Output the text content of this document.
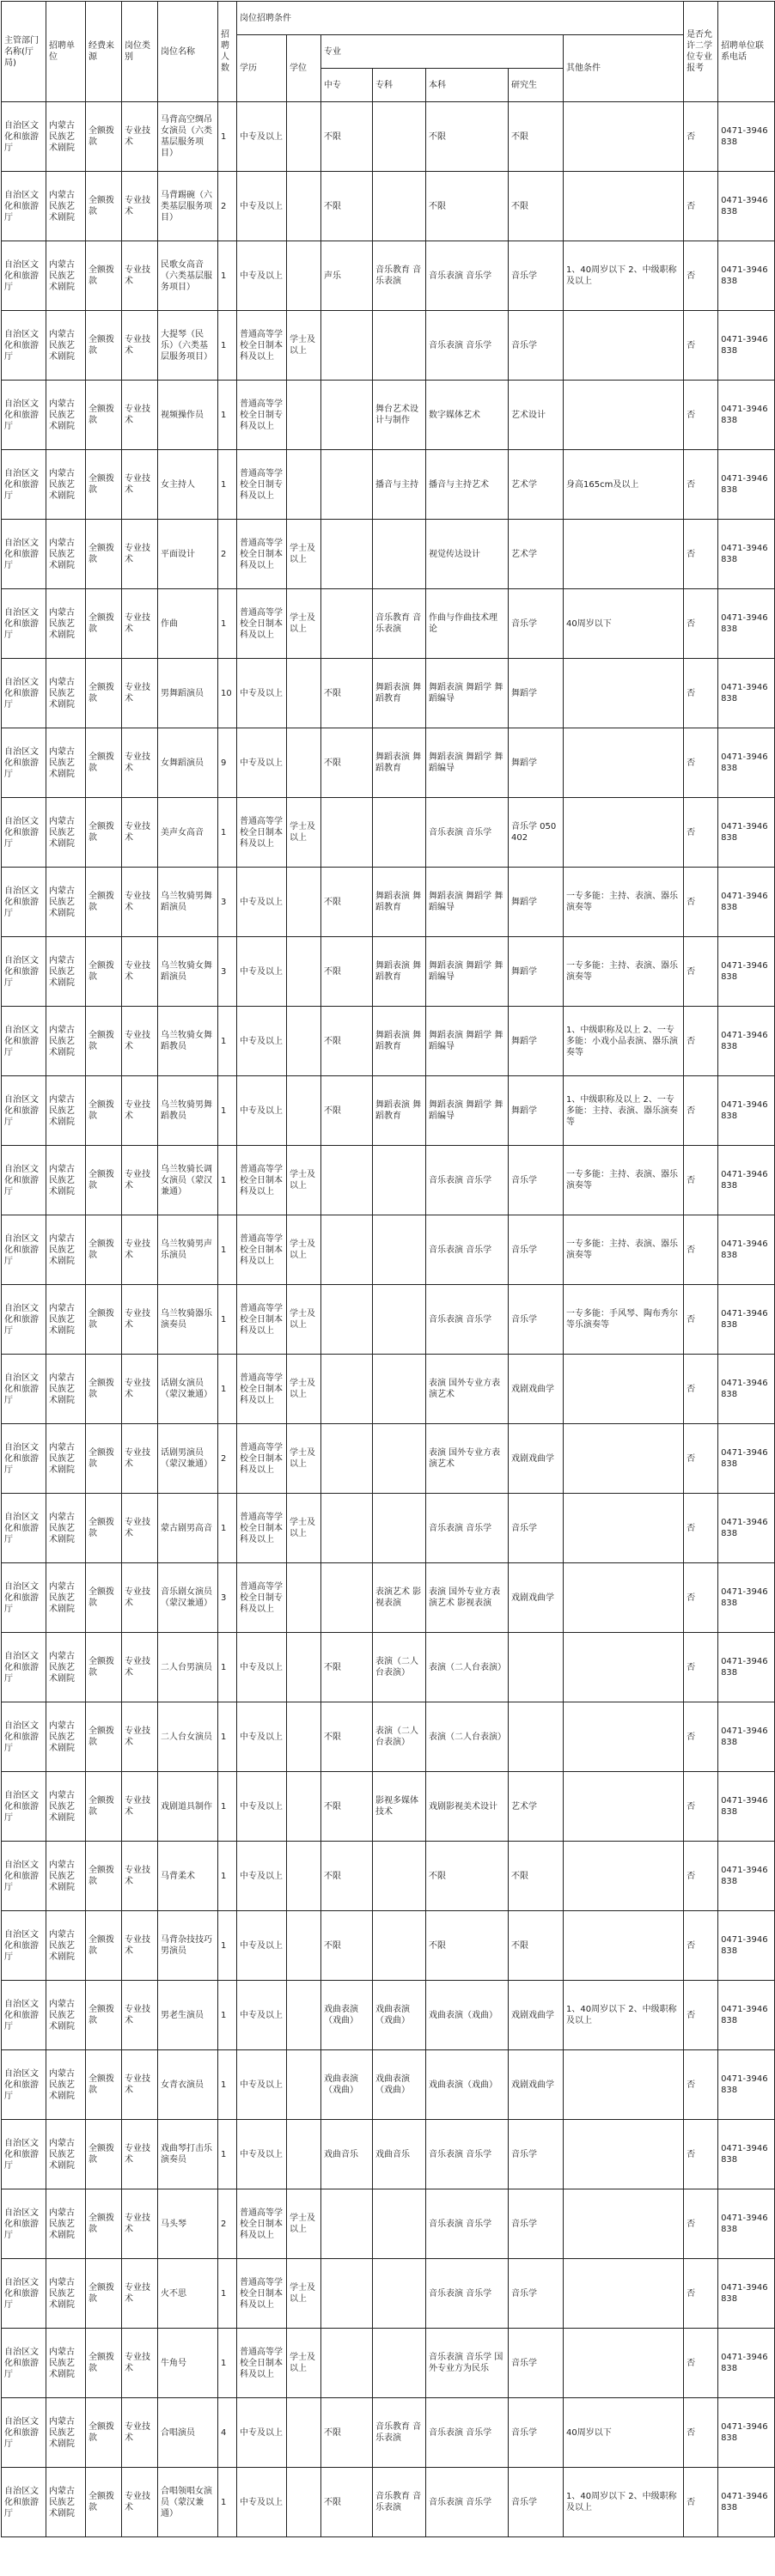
主管部门名称(厅局)	招聘单位	经费来源	岗位类别	岗位名称	招聘人数	岗位招聘条件							是否允许二学位专业报考	招聘单位联系电话
						学历	学位	专业				其他条件		
								中专	专科	本科	研究生			
自治区文化和旅游厅	内蒙古民族艺术剧院	全额拨款	专业技术	马背高空绸吊女演员（六类基层服务项目）	1	中专及以上		不限		不限	不限		否	0471-3946838
自治区文化和旅游厅	内蒙古民族艺术剧院	全额拨款	专业技术	马背踢碗（六类基层服务项目）	2	中专及以上		不限		不限	不限		否	0471-3946838
自治区文化和旅游厅	内蒙古民族艺术剧院	全额拨款	专业技术	民歌女高音（六类基层服务项目）	1	中专及以上		声乐	音乐教育 音乐表演	音乐表演 音乐学	音乐学	1、40周岁以下 2、中级职称及以上	否	0471-3946838
自治区文化和旅游厅	内蒙古民族艺术剧院	全额拨款	专业技术	大提琴（民乐）（六类基层服务项目）	1	普通高等学校全日制本科及以上	学士及以上			音乐表演 音乐学	音乐学		否	0471-3946838
自治区文化和旅游厅	内蒙古民族艺术剧院	全额拨款	专业技术	视频操作员	1	普通高等学校全日制专科及以上			舞台艺术设计与制作	数字媒体艺术	艺术设计		否	0471-3946838
自治区文化和旅游厅	内蒙古民族艺术剧院	全额拨款	专业技术	女主持人	1	普通高等学校全日制专科及以上			播音与主持	播音与主持艺术	艺术学	身高165cm及以上	否	0471-3946838
自治区文化和旅游厅	内蒙古民族艺术剧院	全额拨款	专业技术	平面设计	2	普通高等学校全日制本科及以上	学士及以上			视觉传达设计	艺术学		否	0471-3946838
自治区文化和旅游厅	内蒙古民族艺术剧院	全额拨款	专业技术	作曲	1	普通高等学校全日制本科及以上	学士及以上		音乐教育 音乐表演	作曲与作曲技术理论	音乐学	40周岁以下	否	0471-3946838
自治区文化和旅游厅	内蒙古民族艺术剧院	全额拨款	专业技术	男舞蹈演员	10	中专及以上		不限	舞蹈表演 舞蹈教育	舞蹈表演 舞蹈学 舞蹈编导	舞蹈学		否	0471-3946838
自治区文化和旅游厅	内蒙古民族艺术剧院	全额拨款	专业技术	女舞蹈演员	9	中专及以上		不限	舞蹈表演 舞蹈教育	舞蹈表演 舞蹈学 舞蹈编导	舞蹈学		否	0471-3946838
自治区文化和旅游厅	内蒙古民族艺术剧院	全额拨款	专业技术	美声女高音	1	普通高等学校全日制本科及以上	学士及以上			音乐表演 音乐学	音乐学 050402		否	0471-3946838
自治区文化和旅游厅	内蒙古民族艺术剧院	全额拨款	专业技术	乌兰牧骑男舞蹈演员	3	中专及以上		不限	舞蹈表演 舞蹈教育	舞蹈表演 舞蹈学 舞蹈编导	舞蹈学	一专多能：主持、表演、器乐演奏等	否	0471-3946838
自治区文化和旅游厅	内蒙古民族艺术剧院	全额拨款	专业技术	乌兰牧骑女舞蹈演员	3	中专及以上		不限	舞蹈表演 舞蹈教育	舞蹈表演 舞蹈学 舞蹈编导	舞蹈学	一专多能：主持、表演、器乐演奏等	否	0471-3946838
自治区文化和旅游厅	内蒙古民族艺术剧院	全额拨款	专业技术	乌兰牧骑女舞蹈教员	1	中专及以上		不限	舞蹈表演 舞蹈教育	舞蹈表演 舞蹈学 舞蹈编导	舞蹈学	1、中级职称及以上 2、一专多能：小戏小品表演、器乐演奏等	否	0471-3946838
自治区文化和旅游厅	内蒙古民族艺术剧院	全额拨款	专业技术	乌兰牧骑男舞蹈教员	1	中专及以上		不限	舞蹈表演 舞蹈教育	舞蹈表演 舞蹈学 舞蹈编导	舞蹈学	1、中级职称及以上 2、一专多能：主持、表演、器乐演奏等	否	0471-3946838
自治区文化和旅游厅	内蒙古民族艺术剧院	全额拨款	专业技术	乌兰牧骑长调女演员（蒙汉兼通）	1	普通高等学校全日制本科及以上	学士及以上			音乐表演 音乐学	音乐学	一专多能：主持、表演、器乐演奏等	否	0471-3946838
自治区文化和旅游厅	内蒙古民族艺术剧院	全额拨款	专业技术	乌兰牧骑男声乐演员	1	普通高等学校全日制本科及以上	学士及以上			音乐表演 音乐学	音乐学	一专多能：主持、表演、器乐演奏等	否	0471-3946838
自治区文化和旅游厅	内蒙古民族艺术剧院	全额拨款	专业技术	乌兰牧骑器乐演奏员	1	普通高等学校全日制本科及以上	学士及以上			音乐表演 音乐学	音乐学	一专多能：手风琴、陶布秀尔等乐演奏等	否	0471-3946838
自治区文化和旅游厅	内蒙古民族艺术剧院	全额拨款	专业技术	话剧女演员（蒙汉兼通）	1	普通高等学校全日制本科及以上	学士及以上			表演 国外专业方表演艺术	戏剧戏曲学		否	0471-3946838
自治区文化和旅游厅	内蒙古民族艺术剧院	全额拨款	专业技术	话剧男演员（蒙汉兼通）	2	普通高等学校全日制本科及以上	学士及以上			表演 国外专业方表演艺术	戏剧戏曲学		否	0471-3946838
自治区文化和旅游厅	内蒙古民族艺术剧院	全额拨款	专业技术	蒙古剧男高音	1	普通高等学校全日制本科及以上	学士及以上			音乐表演 音乐学	音乐学		否	0471-3946838
自治区文化和旅游厅	内蒙古民族艺术剧院	全额拨款	专业技术	音乐剧女演员（蒙汉兼通）	3	普通高等学校全日制专科及以上			表演艺术 影视表演	表演 国外专业方表演艺术 影视表演	戏剧戏曲学		否	0471-3946838
自治区文化和旅游厅	内蒙古民族艺术剧院	全额拨款	专业技术	二人台男演员	1	中专及以上		不限	表演（二人台表演）	表演（二人台表演）			否	0471-3946838
自治区文化和旅游厅	内蒙古民族艺术剧院	全额拨款	专业技术	二人台女演员	1	中专及以上		不限	表演（二人台表演）	表演（二人台表演）			否	0471-3946838
自治区文化和旅游厅	内蒙古民族艺术剧院	全额拨款	专业技术	戏剧道具制作	1	中专及以上		不限	影视多媒体技术	戏剧影视美术设计	艺术学		否	0471-3946838
自治区文化和旅游厅	内蒙古民族艺术剧院	全额拨款	专业技术	马背柔术	1	中专及以上		不限		不限	不限		否	0471-3946838
自治区文化和旅游厅	内蒙古民族艺术剧院	全额拨款	专业技术	马背杂技技巧男演员	1	中专及以上		不限		不限	不限		否	0471-3946838
自治区文化和旅游厅	内蒙古民族艺术剧院	全额拨款	专业技术	男老生演员	1	中专及以上		戏曲表演（戏曲）	戏曲表演（戏曲）	戏曲表演（戏曲）	戏剧戏曲学	1、40周岁以下 2、中级职称及以上	否	0471-3946838
自治区文化和旅游厅	内蒙古民族艺术剧院	全额拨款	专业技术	女青衣演员	1	中专及以上		戏曲表演（戏曲）	戏曲表演（戏曲）	戏曲表演（戏曲）	戏剧戏曲学		否	0471-3946838
自治区文化和旅游厅	内蒙古民族艺术剧院	全额拨款	专业技术	戏曲琴打击乐演奏员	1	中专及以上		戏曲音乐	戏曲音乐	音乐表演 音乐学	音乐学		否	0471-3946838
自治区文化和旅游厅	内蒙古民族艺术剧院	全额拨款	专业技术	马头琴	2	普通高等学校全日制本科及以上	学士及以上			音乐表演 音乐学	音乐学		否	0471-3946838
自治区文化和旅游厅	内蒙古民族艺术剧院	全额拨款	专业技术	火不思	1	普通高等学校全日制本科及以上	学士及以上			音乐表演 音乐学	音乐学		否	0471-3946838
自治区文化和旅游厅	内蒙古民族艺术剧院	全额拨款	专业技术	牛角号	1	普通高等学校全日制本科及以上	学士及以上			音乐表演 音乐学 国外专业方为民乐	音乐学		否	0471-3946838
自治区文化和旅游厅	内蒙古民族艺术剧院	全额拨款	专业技术	合唱演员	4	中专及以上		不限	音乐教育 音乐表演	音乐表演 音乐学	音乐学	40周岁以下	否	0471-3946838
自治区文化和旅游厅	内蒙古民族艺术剧院	全额拨款	专业技术	合唱领唱女演员（蒙汉兼通）	1	中专及以上		不限	音乐教育 音乐表演	音乐表演 音乐学	音乐学	1、40周岁以下 2、中级职称及以上	否	0471-3946838
